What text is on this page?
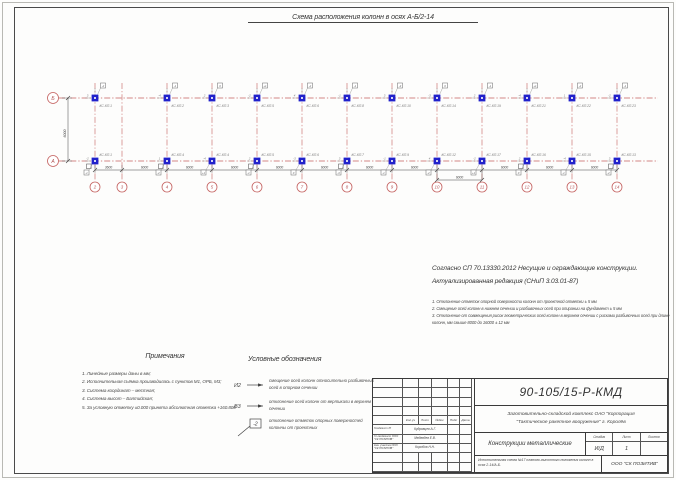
Схема расположения колонн в осях А-Б/2-14
Б
А
6000
2	3	4	5	6	7	8	9	10	11	12	13	14
3600	6000	6000	6000	6000	6000	6000	6000
6000
6000	6000	6000
3
КС-КП.1
-2
-2
КС-КП.1
-1
-4
КС-КП.2
-1
1
КС-КП.4
-2
2
КС-КП.3
0
-4
КС-КП.4
+1
-2
КС-КП.5
+1
2
КС-КП.5
-1
4
КС-КП.6
-2
-3
КС-КП.6
0
-1
КС-КП.8
-1
3
КС-КП.7
-3
3
КС-КП.10
-3
-1
КС-КП.9
-1
-3
КС-КП.14
0
4
КС-КП.12
-2
2
КС-КП.19
-1
-2
КС-КП.17
+1
-4
КС-КП.21
+1
2
КС-КП.16
0
1
КС-КП.22
-2
-4
КС-КП.15
-1
-2
КС-КП.23
-1
3
КС-КП.13
-2
Согласно СП 70.13330.2012 Несущие и ограждающие конструкции.
Актуализированная редакция (СНиП 3.03.01-87)
1. Отклонение отметок опорной поверхности колонн от проектной отметки ± 5 мм
2. Смещение осей колонн в нижнем сечении и разбивочных осей при опирании на фундамент ± 5 мм
3. Отклонение от совмещения рисок геометрических осей колонн в верхнем сечении с рисками разбивочных осей при длине колонн, мм свыше 8000 до 16000 ± 12 мм
Примечания
1. Линейные размеры даны в мм;
2. Исполнительная съёмка производилась с пунктов М1, ОРБ, М3;
3. Система координат – местная;
4. Система высот – Балтийская;
5. За условную отметку ±0.000 принята абсолютная отметка +160.800
Условные обозначения
И2
смещение осей колонн относительно разбивочных осей в опорном сечении
В3
отклонение осей колонн от вертикали в верхнем сечении
-2
отклонение отметок опорных поверхностей колонны от проектных
Кол.уч	Лист	№док	Подп	Дата
Геодезист /П	Кудрявцев А.Г.
Гл.геодезист ООО "СК ПОЗИТИВ"	Медведев Е.В.
Нач. участка ООО "СК ПОЗИТИВ"	Коробов Н.Н.
90-105/15-Р-КМД
Заготовительно-складской комплекс ОАО "Корпорация
"Тактическое ракетное вооружение" г. Королёв
Конструкции металлические
Стадия
И/Д
Лист
1
Листов
Исполнительная схема №17 планово-высотного положения колонн в осях 2-14/А-Б.	ООО "СК ПОЗИТИВ"
